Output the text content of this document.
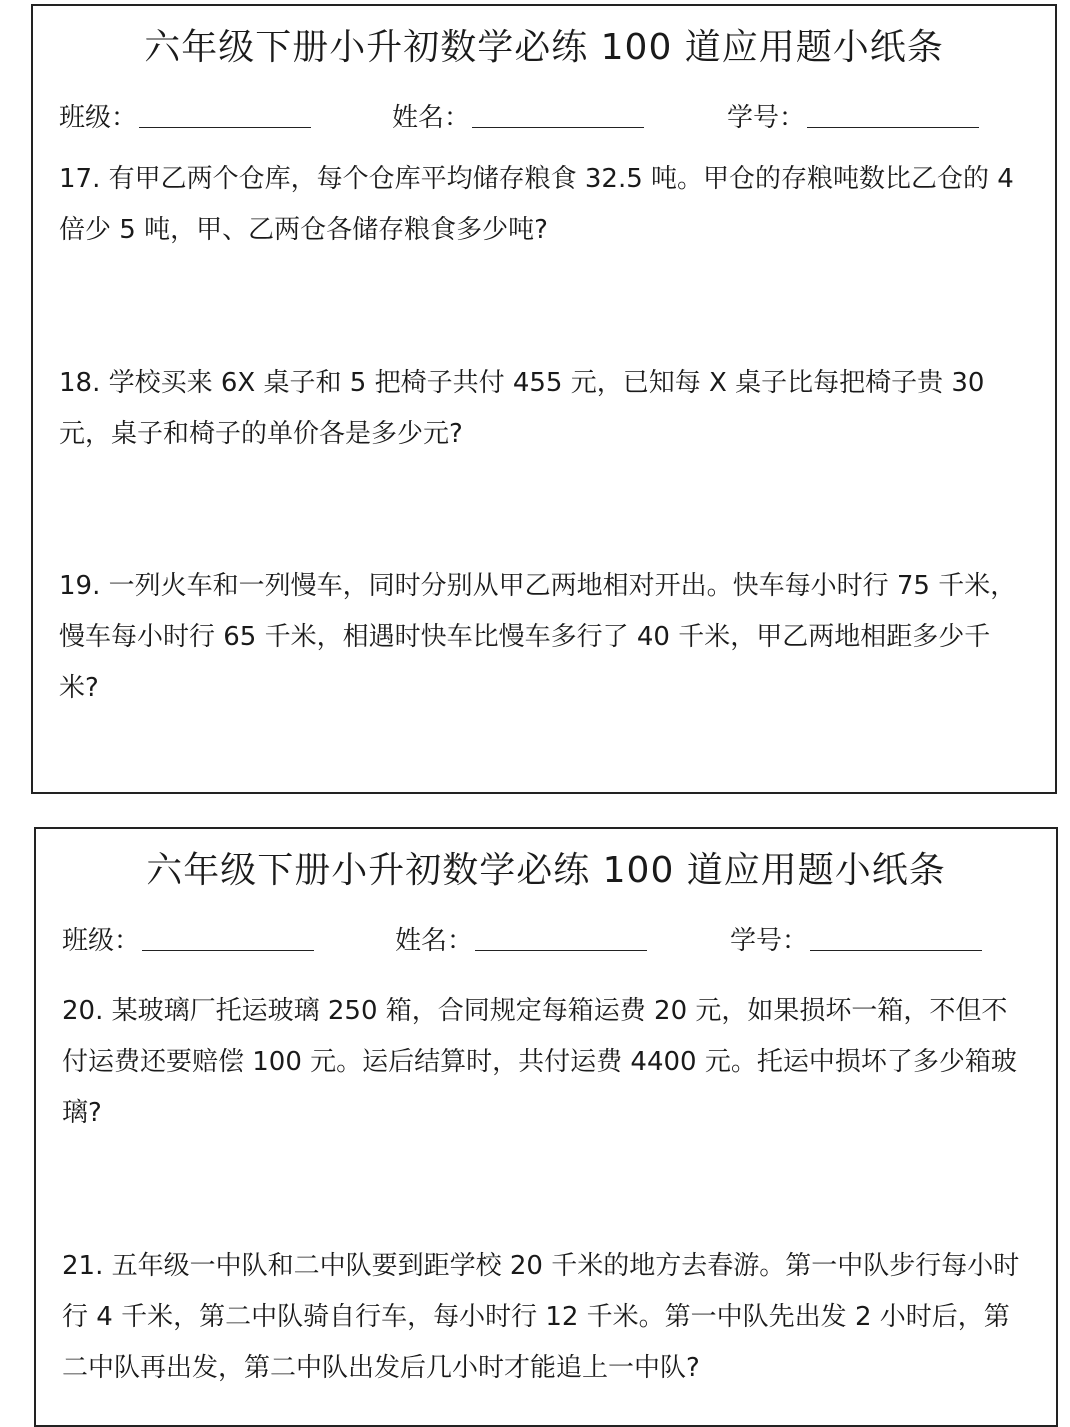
六年级下册小升初数学必练 100 道应用题小纸条
班级：	姓名：	学号：

17. 有甲乙两个仓库，每个仓库平均储存粮食 32.5 吨。甲仓的存粮吨数比乙仓的 4 倍少 5 吨，甲、乙两仓各储存粮食多少吨?

18. 学校买来 6X 桌子和 5 把椅子共付 455 元，已知每 X 桌子比每把椅子贵 30 元，桌子和椅子的单价各是多少元?

19. 一列火车和一列慢车，同时分别从甲乙两地相对开出。快车每小时行 75 千米，慢车每小时行 65 千米，相遇时快车比慢车多行了 40 千米，甲乙两地相距多少千米?

六年级下册小升初数学必练 100 道应用题小纸条
班级：	姓名：	学号：

20. 某玻璃厂托运玻璃 250 箱，合同规定每箱运费 20 元，如果损坏一箱，不但不付运费还要赔偿 100 元。运后结算时，共付运费 4400 元。托运中损坏了多少箱玻璃?

21. 五年级一中队和二中队要到距学校 20 千米的地方去春游。第一中队步行每小时行 4 千米，第二中队骑自行车，每小时行 12 千米。第一中队先出发 2 小时后，第二中队再出发，第二中队出发后几小时才能追上一中队?
